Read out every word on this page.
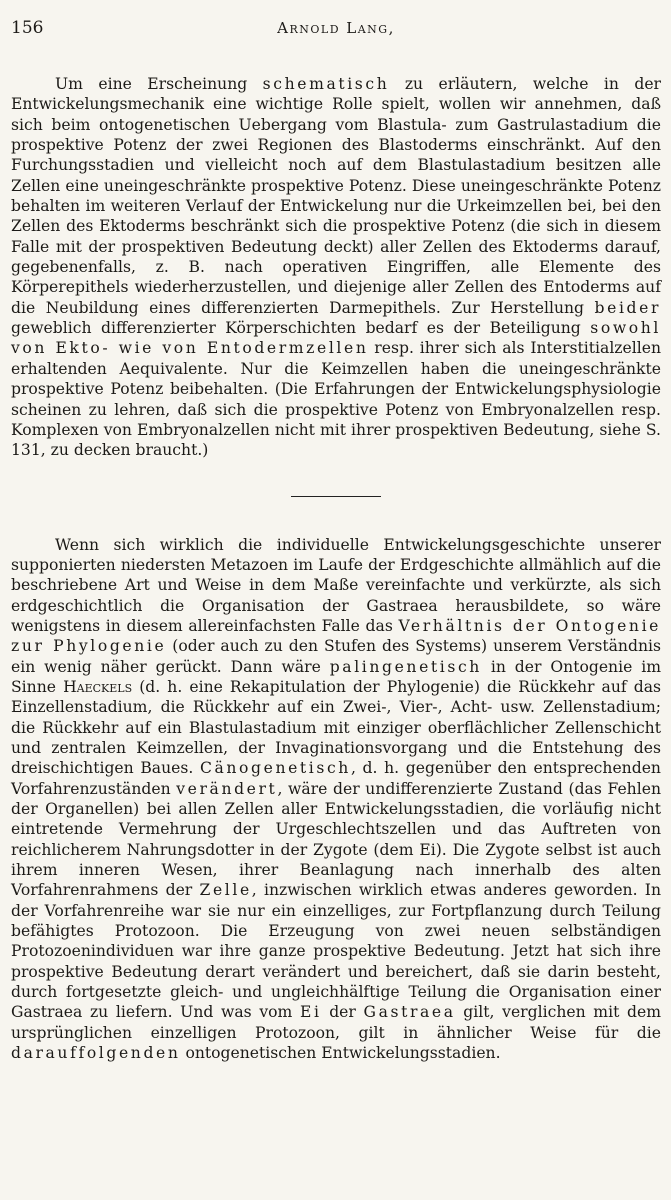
156	Arnold Lang,

Um eine Erscheinung schematisch zu erläutern, welche in der Entwickelungsmechanik eine wichtige Rolle spielt, wollen wir annehmen, daß sich beim ontogenetischen Uebergang vom Blastula- zum Gastrulastadium die prospektive Potenz der zwei Regionen des Blastoderms einschränkt. Auf den Furchungsstadien und vielleicht noch auf dem Blastulastadium besitzen alle Zellen eine uneingeschränkte prospektive Potenz. Diese uneingeschränkte Potenz behalten im weiteren Verlauf der Entwickelung nur die Urkeimzellen bei, bei den Zellen des Ektoderms beschränkt sich die prospektive Potenz (die sich in diesem Falle mit der prospektiven Bedeutung deckt) aller Zellen des Ektoderms darauf, gegebenenfalls, z. B. nach operativen Eingriffen, alle Elemente des Körperepithels wiederherzustellen, und diejenige aller Zellen des Entoderms auf die Neubildung eines differenzierten Darmepithels. Zur Herstellung beider geweblich differenzierter Körperschichten bedarf es der Beteiligung sowohl von Ekto- wie von Entodermzellen resp. ihrer sich als Interstitialzellen erhaltenden Aequivalente. Nur die Keimzellen haben die uneingeschränkte prospektive Potenz beibehalten. (Die Erfahrungen der Entwickelungsphysiologie scheinen zu lehren, daß sich die prospektive Potenz von Embryonalzellen resp. Komplexen von Embryonalzellen nicht mit ihrer prospektiven Bedeutung, siehe S. 131, zu decken braucht.)

Wenn sich wirklich die individuelle Entwickelungsgeschichte unserer supponierten niedersten Metazoen im Laufe der Erdgeschichte allmählich auf die beschriebene Art und Weise in dem Maße vereinfachte und verkürzte, als sich erdgeschichtlich die Organisation der Gastraea herausbildete, so wäre wenigstens in diesem allereinfachsten Falle das Verhältnis der Ontogenie zur Phylogenie (oder auch zu den Stufen des Systems) unserem Verständnis ein wenig näher gerückt. Dann wäre palingenetisch in der Ontogenie im Sinne Haeckels (d. h. eine Rekapitulation der Phylogenie) die Rückkehr auf das Einzellenstadium, die Rückkehr auf ein Zwei-, Vier-, Acht- usw. Zellenstadium; die Rückkehr auf ein Blastulastadium mit einziger oberflächlicher Zellenschicht und zentralen Keimzellen, der Invaginationsvorgang und die Entstehung des dreischichtigen Baues. Cänogenetisch, d. h. gegenüber den entsprechenden Vorfahrenzuständen verändert, wäre der undifferenzierte Zustand (das Fehlen der Organellen) bei allen Zellen aller Entwickelungsstadien, die vorläufig nicht eintretende Vermehrung der Urgeschlechtszellen und das Auftreten von reichlicherem Nahrungsdotter in der Zygote (dem Ei). Die Zygote selbst ist auch ihrem inneren Wesen, ihrer Beanlagung nach innerhalb des alten Vorfahrenrahmens der Zelle, inzwischen wirklich etwas anderes geworden. In der Vorfahrenreihe war sie nur ein einzelliges, zur Fortpflanzung durch Teilung befähigtes Protozoon. Die Erzeugung von zwei neuen selbständigen Protozoenindividuen war ihre ganze prospektive Bedeutung. Jetzt hat sich ihre prospektive Bedeutung derart verändert und bereichert, daß sie darin besteht, durch fortgesetzte gleich- und ungleichhälftige Teilung die Organisation einer Gastraea zu liefern. Und was vom Ei der Gastraea gilt, verglichen mit dem ursprünglichen einzelligen Protozoon, gilt in ähnlicher Weise für die darauffolgenden ontogenetischen Entwickelungsstadien.
